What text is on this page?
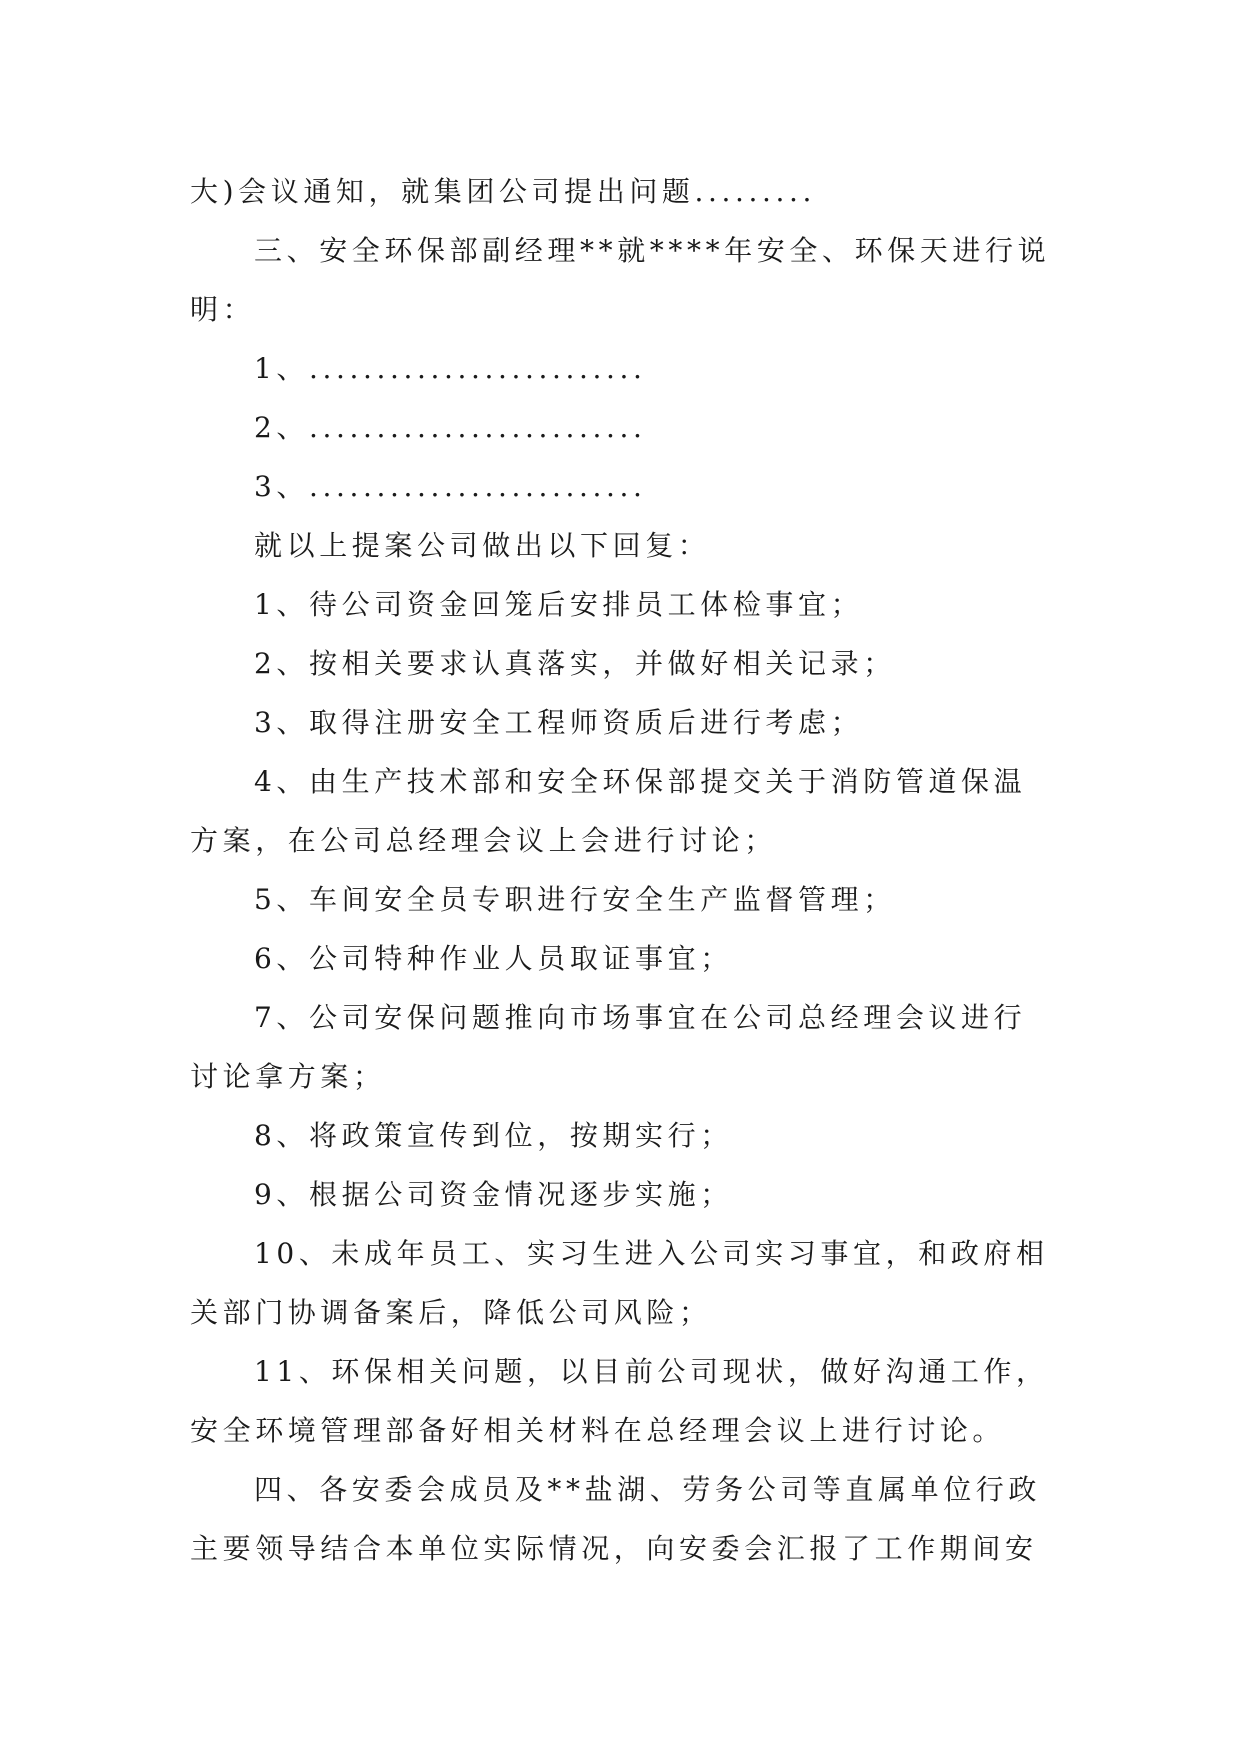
大)会议通知，就集团公司提出问题.........
三、安全环保部副经理**就****年安全、环保天进行说
明：
1、.........................
2、.........................
3、.........................
就以上提案公司做出以下回复：
1、待公司资金回笼后安排员工体检事宜；
2、按相关要求认真落实，并做好相关记录；
3、取得注册安全工程师资质后进行考虑；
4、由生产技术部和安全环保部提交关于消防管道保温
方案，在公司总经理会议上会进行讨论；
5、车间安全员专职进行安全生产监督管理；
6、公司特种作业人员取证事宜；
7、公司安保问题推向市场事宜在公司总经理会议进行
讨论拿方案；
8、将政策宣传到位，按期实行；
9、根据公司资金情况逐步实施；
10、未成年员工、实习生进入公司实习事宜，和政府相
关部门协调备案后，降低公司风险；
11、环保相关问题，以目前公司现状，做好沟通工作，
安全环境管理部备好相关材料在总经理会议上进行讨论。
四、各安委会成员及**盐湖、劳务公司等直属单位行政
主要领导结合本单位实际情况，向安委会汇报了工作期间安
